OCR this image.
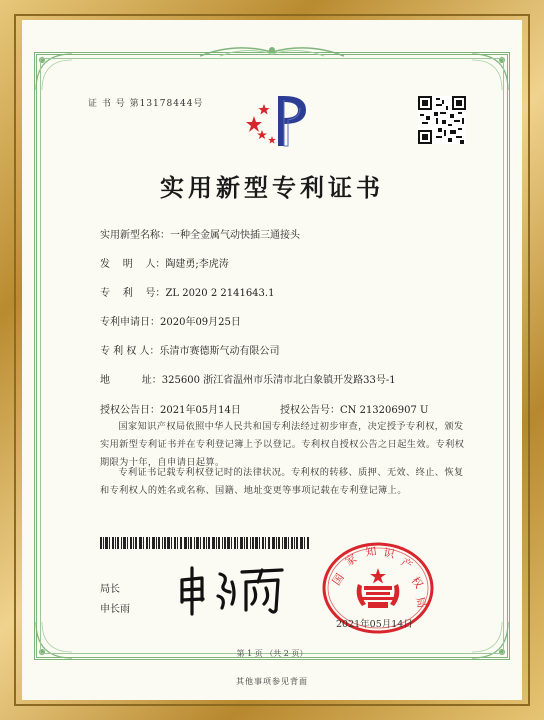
证 书 号 第13178444号
实用新型专利证书
实用新型名称：一种全金属气动快插三通接头
发    明    人：陶建勇;李虎涛
专    利    号：ZL 2020 2 2141643.1
专利申请日：2020年09月25日
专 利 权 人：乐清市赛德斯气动有限公司
地          址：325600 浙江省温州市乐清市北白象镇开发路33号-1
授权公告日：2021年05月14日	授权公告号：CN 213206907 U
国家知识产权局依照中华人民共和国专利法经过初步审查，决定授予专利权，颁发实用新型专利证书并在专利登记簿上予以登记。专利权自授权公告之日起生效。专利权期限为十年，自申请日起算。
专利证书记载专利权登记时的法律状况。专利权的转移、质押、无效、终止、恢复和专利权人的姓名或名称、国籍、地址变更等事项记载在专利登记簿上。
局长
申长雨
国
家
知 识
产
权
局
2021年05月14日
第 1 页 （共 2 页）
其他事项参见背面
